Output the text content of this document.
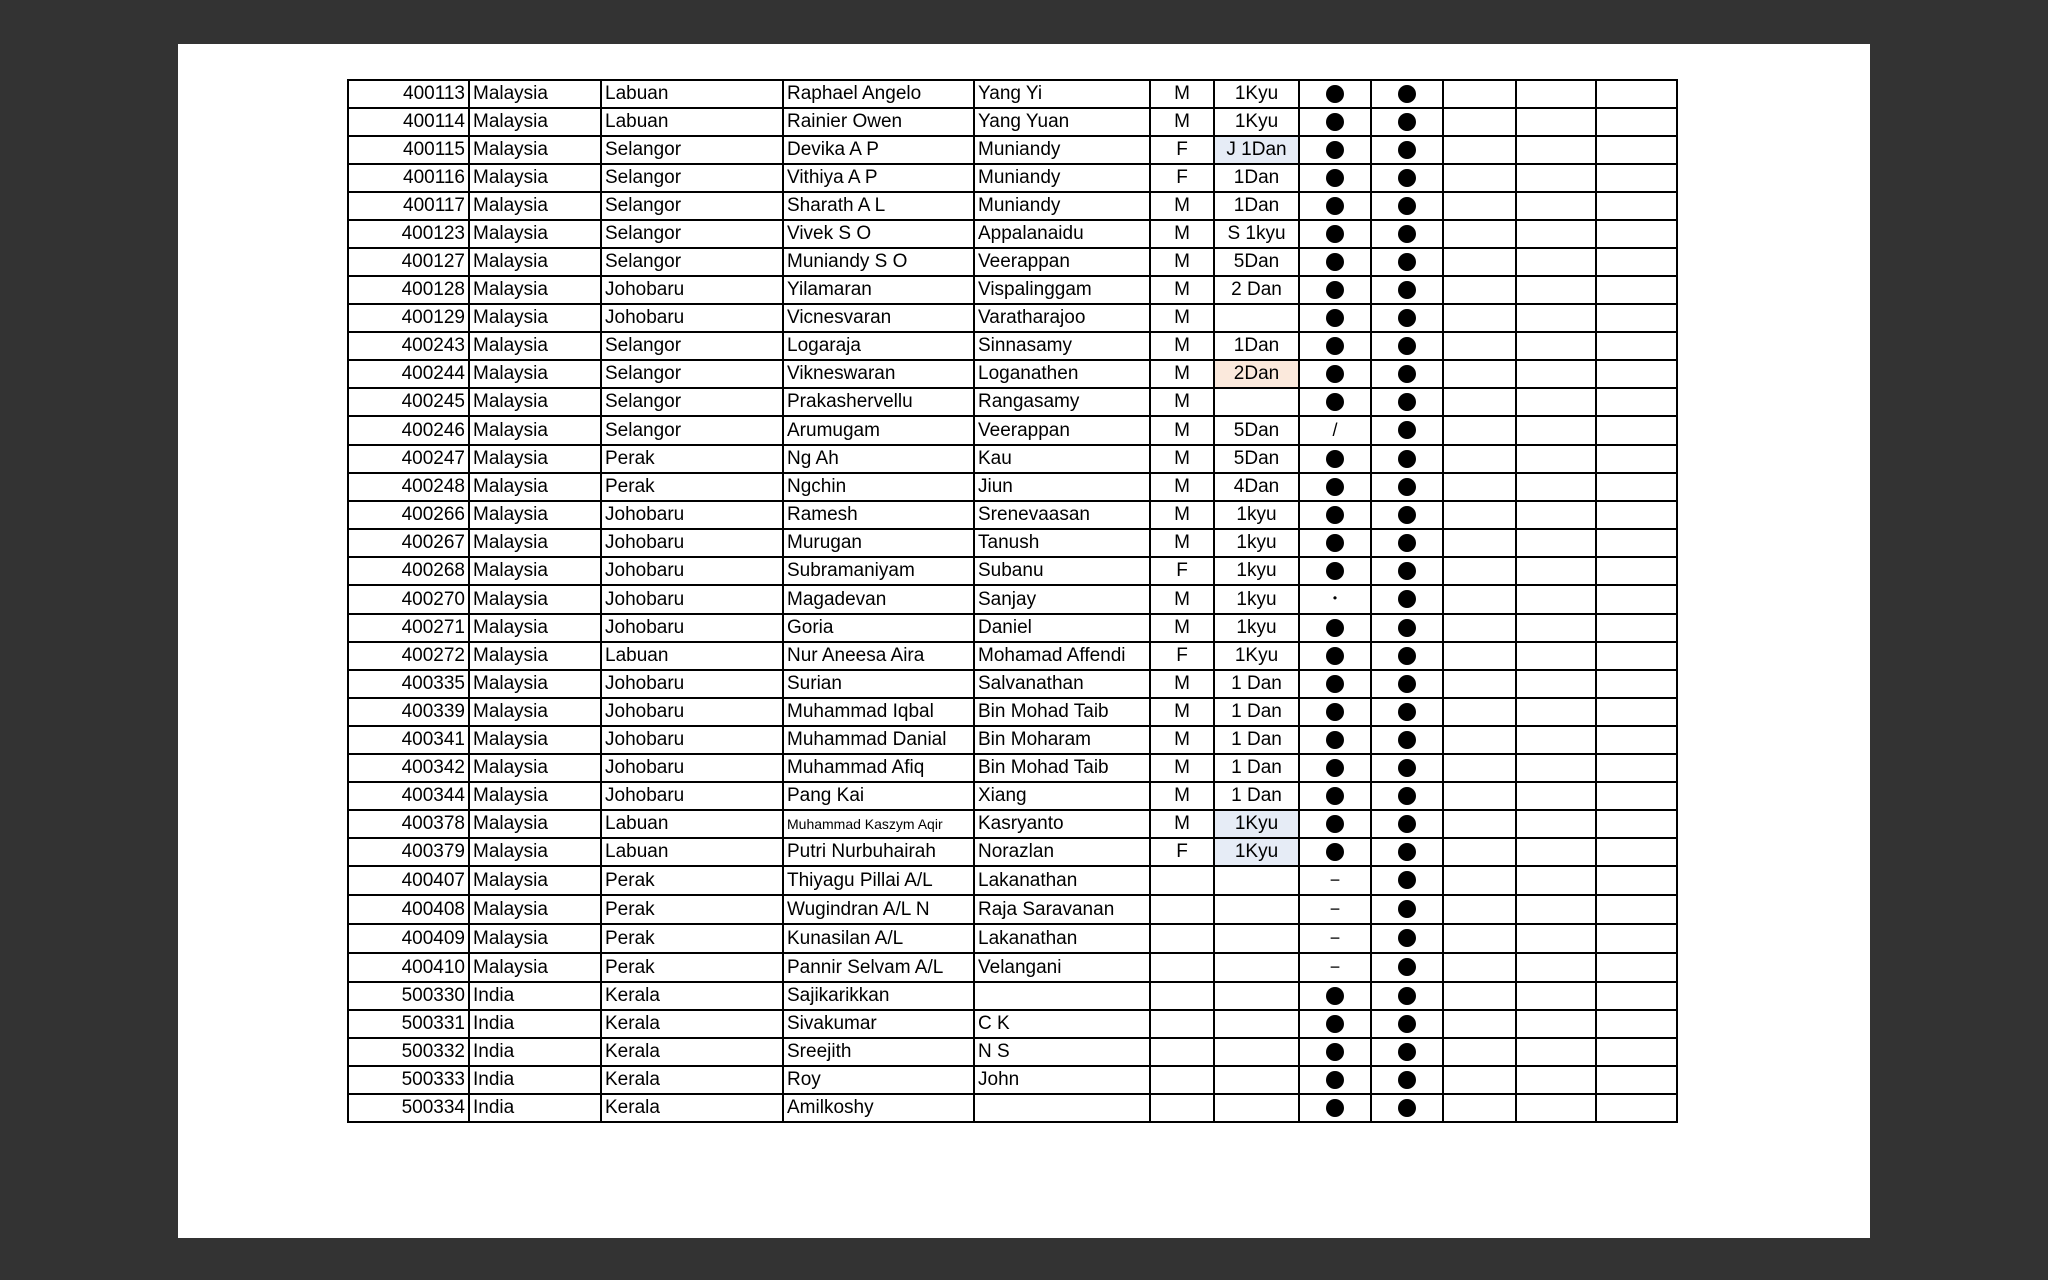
400113	Malaysia	Labuan	Raphael Angelo	Yang Yi	M	1Kyu					
400114	Malaysia	Labuan	Rainier Owen	Yang Yuan	M	1Kyu					
400115	Malaysia	Selangor	Devika A P	Muniandy	F	J 1Dan					
400116	Malaysia	Selangor	Vithiya A P	Muniandy	F	1Dan					
400117	Malaysia	Selangor	Sharath A L	Muniandy	M	1Dan					
400123	Malaysia	Selangor	Vivek S O	Appalanaidu	M	S 1kyu					
400127	Malaysia	Selangor	Muniandy S O	Veerappan	M	5Dan					
400128	Malaysia	Johobaru	Yilamaran	Vispalinggam	M	2 Dan					
400129	Malaysia	Johobaru	Vicnesvaran	Varatharajoo	M						
400243	Malaysia	Selangor	Logaraja	Sinnasamy	M	1Dan					
400244	Malaysia	Selangor	Vikneswaran	Loganathen	M	2Dan					
400245	Malaysia	Selangor	Prakashervellu	Rangasamy	M						
400246	Malaysia	Selangor	Arumugam	Veerappan	M	5Dan	/				
400247	Malaysia	Perak	Ng Ah	Kau	M	5Dan					
400248	Malaysia	Perak	Ngchin	Jiun	M	4Dan					
400266	Malaysia	Johobaru	Ramesh	Srenevaasan	M	1kyu					
400267	Malaysia	Johobaru	Murugan	Tanush	M	1kyu					
400268	Malaysia	Johobaru	Subramaniyam	Subanu	F	1kyu					
400270	Malaysia	Johobaru	Magadevan	Sanjay	M	1kyu	・				
400271	Malaysia	Johobaru	Goria	Daniel	M	1kyu					
400272	Malaysia	Labuan	Nur Aneesa Aira	Mohamad Affendi	F	1Kyu					
400335	Malaysia	Johobaru	Surian	Salvanathan	M	1 Dan					
400339	Malaysia	Johobaru	Muhammad Iqbal	Bin Mohad Taib	M	1 Dan					
400341	Malaysia	Johobaru	Muhammad Danial	Bin Moharam	M	1 Dan					
400342	Malaysia	Johobaru	Muhammad Afiq	Bin Mohad Taib	M	1 Dan					
400344	Malaysia	Johobaru	Pang Kai	Xiang	M	1 Dan					
400378	Malaysia	Labuan	Muhammad Kaszym Aqir	Kasryanto	M	1Kyu					
400379	Malaysia	Labuan	Putri Nurbuhairah	Norazlan	F	1Kyu					
400407	Malaysia	Perak	Thiyagu Pillai A/L	Lakanathan			−				
400408	Malaysia	Perak	Wugindran A/L N	Raja Saravanan			−				
400409	Malaysia	Perak	Kunasilan A/L	Lakanathan			−				
400410	Malaysia	Perak	Pannir Selvam A/L	Velangani			−				
500330	India	Kerala	Sajikarikkan								
500331	India	Kerala	Sivakumar	C K							
500332	India	Kerala	Sreejith	N S							
500333	India	Kerala	Roy	John							
500334	India	Kerala	Amilkoshy								
